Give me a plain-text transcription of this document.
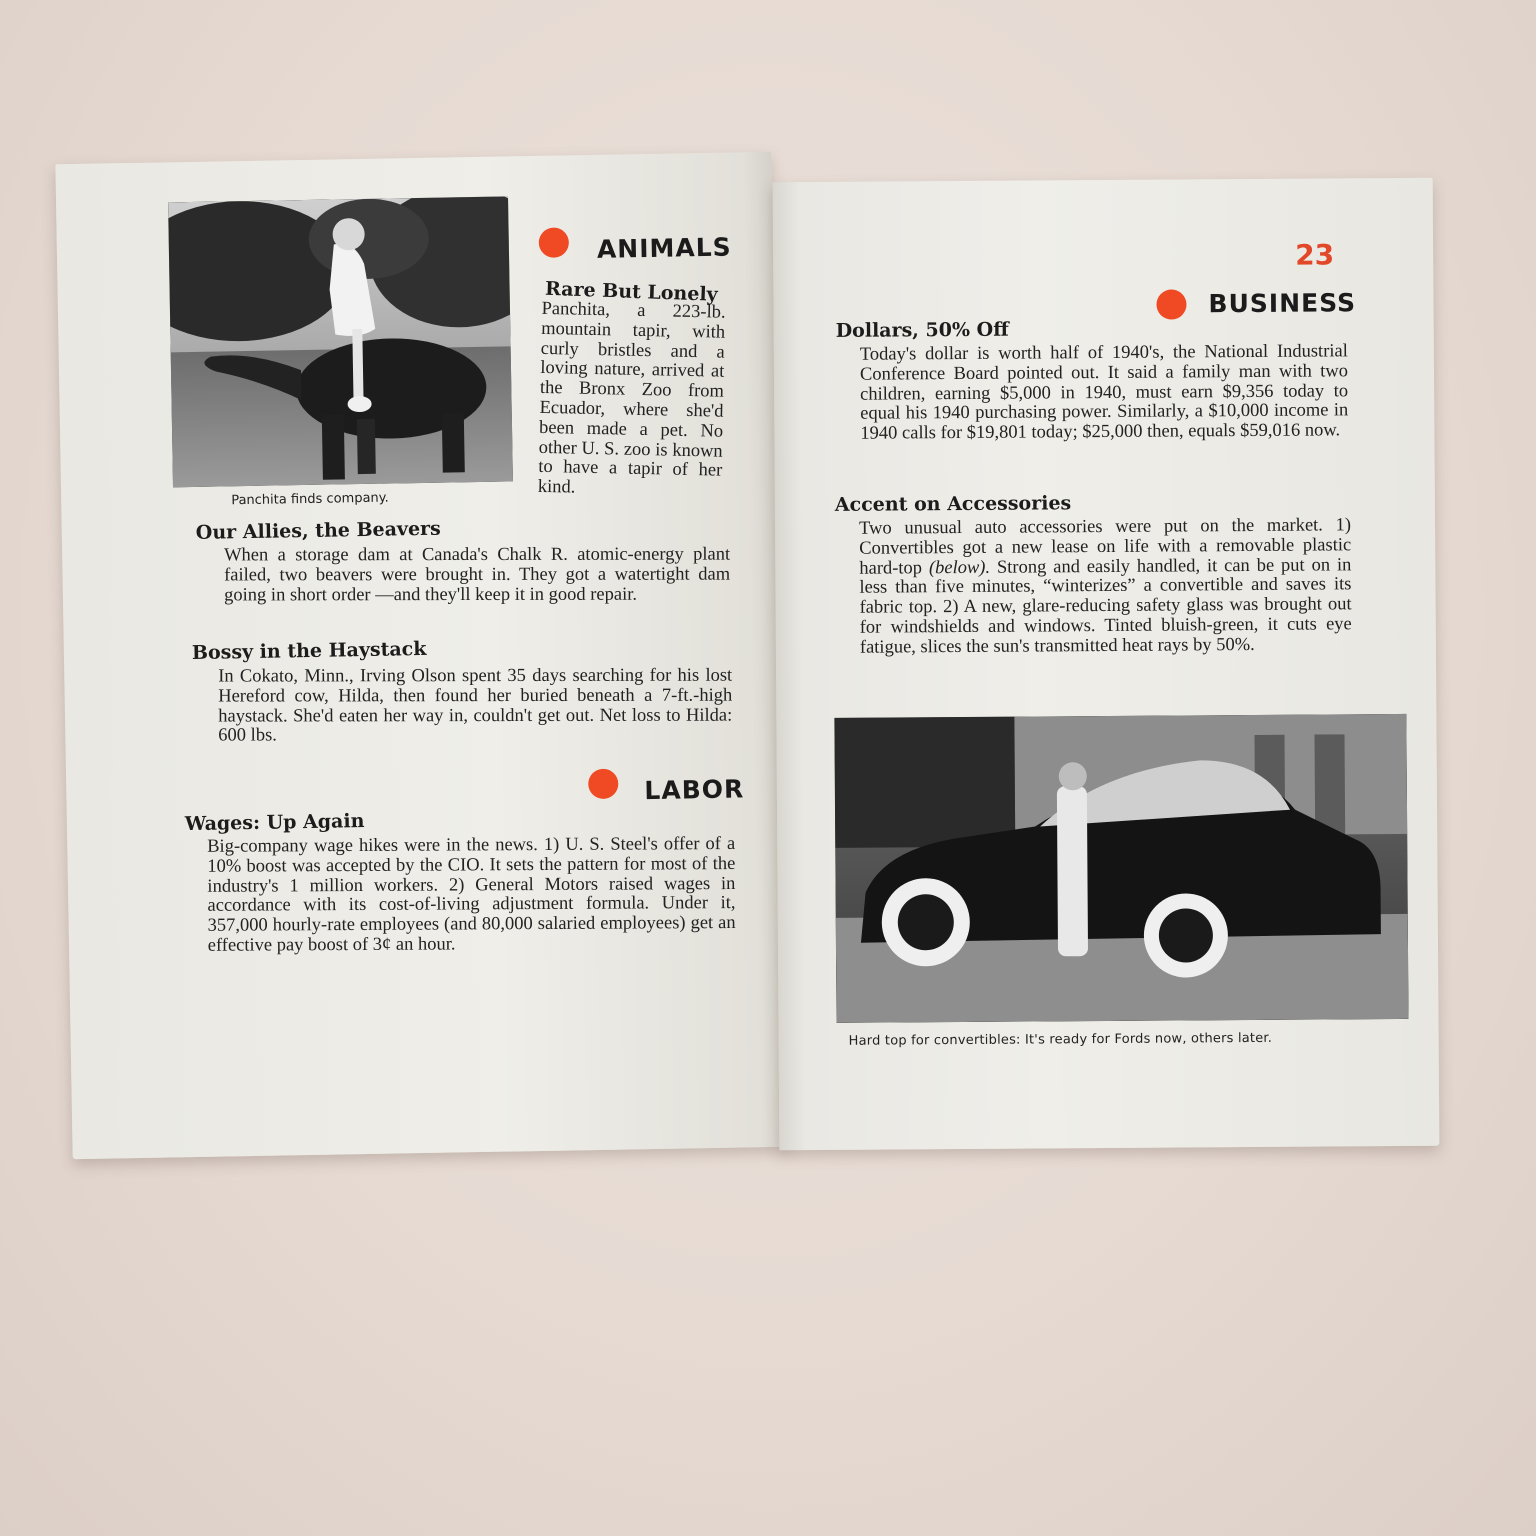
Panchita finds company.
ANIMALS
Rare But Lonely
Panchita, a 223-lb. mountain tapir, with curly bristles and a loving nature, arrived at the Bronx Zoo from Ecuador, where she'd been made a pet. No other U. S. zoo is known to have a tapir of her kind.
Our Allies, the Beavers
When a storage dam at Canada's Chalk R. atomic-energy plant failed, two beavers were brought in. They got a watertight dam going in short order —and they'll keep it in good repair.
Bossy in the Haystack
In Cokato, Minn., Irving Olson spent 35 days searching for his lost Hereford cow, Hilda, then found her buried beneath a 7-ft.-high haystack. She'd eaten her way in, couldn't get out. Net loss to Hilda: 600 lbs.
LABOR
Wages: Up Again
Big-company wage hikes were in the news. 1) U. S. Steel's offer of a 10% boost was accepted by the CIO. It sets the pattern for most of the industry's 1 million workers. 2) General Motors raised wages in accordance with its cost-of-living adjustment formula. Under it, 357,000 hourly-rate employees (and 80,000 salaried employees) get an effective pay boost of 3¢ an hour.
23
BUSINESS
Dollars, 50% Off
Today's dollar is worth half of 1940's, the National Industrial Conference Board pointed out. It said a family man with two children, earning $5,000 in 1940, must earn $9,356 today to equal his 1940 purchasing power. Similarly, a $10,000 income in 1940 calls for $19,801 today; $25,000 then, equals $59,016 now.
Accent on Accessories
Two unusual auto accessories were put on the market. 1) Convertibles got a new lease on life with a removable plastic hard-top (below). Strong and easily handled, it can be put on in less than five minutes, “winterizes” a convertible and saves its fabric top. 2) A new, glare-reducing safety glass was brought out for windshields and windows. Tinted bluish-green, it cuts eye fatigue, slices the sun's transmitted heat rays by 50%.
Hard top for convertibles: It's ready for Fords now, others later.
